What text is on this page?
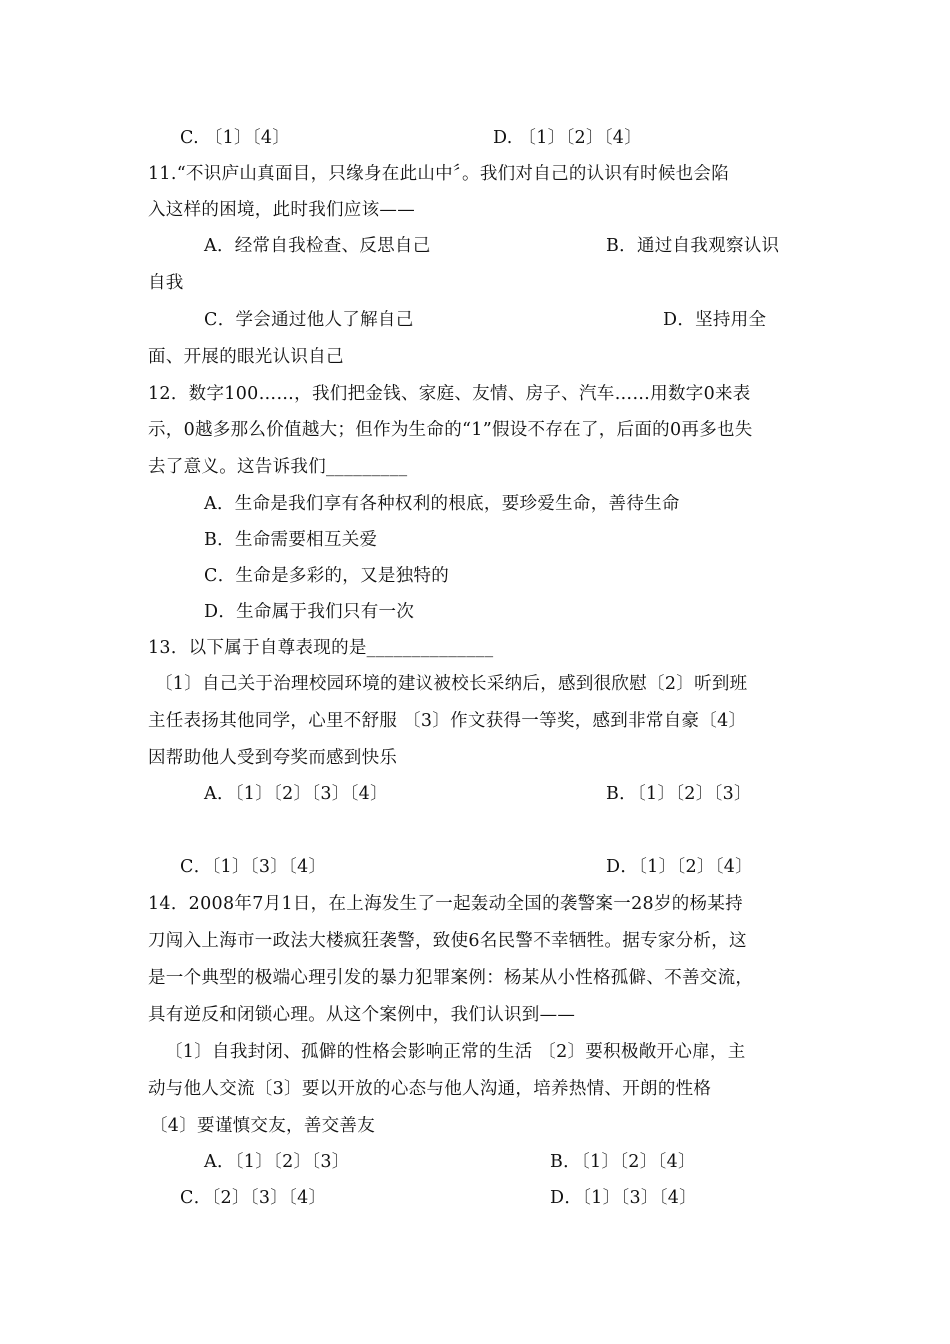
C. 〔1〕〔4〕	D. 〔1〕〔2〕〔4〕
11.“不识庐山真面目，只缘身在此山中〞。我们对自己的认识有时候也会陷
入这样的困境，此时我们应该——
A．经常自我检查、反思自己	B．通过自我观察认识
自我
C．学会通过他人了解自己	D．坚持用全
面、开展的眼光认识自己
12．数字100……，我们把金钱、家庭、友情、房子、汽车……用数字0来表
示，0越多那么价值越大；但作为生命的“1”假设不存在了，后面的0再多也失
去了意义。这告诉我们_________
A．生命是我们享有各种权利的根底，要珍爱生命，善待生命
B．生命需要相互关爱
C．生命是多彩的，又是独特的
D．生命属于我们只有一次
13．以下属于自尊表现的是______________
〔1〕自己关于治理校园环境的建议被校长采纳后，感到很欣慰〔2〕听到班
主任表扬其他同学，心里不舒服 〔3〕作文获得一等奖，感到非常自豪〔4〕
因帮助他人受到夸奖而感到快乐
A．〔1〕〔2〕〔3〕〔4〕	B．〔1〕〔2〕〔3〕
C．〔1〕〔3〕〔4〕	D．〔1〕〔2〕〔4〕
14．2008年7月1日，在上海发生了一起轰动全国的袭警案一28岁的杨某持
刀闯入上海市一政法大楼疯狂袭警，致使6名民警不幸牺牲。据专家分析，这
是一个典型的极端心理引发的暴力犯罪案例：杨某从小性格孤僻、不善交流，
具有逆反和闭锁心理。从这个案例中，我们认识到——
〔1〕自我封闭、孤僻的性格会影响正常的生活 〔2〕要积极敞开心扉，主
动与他人交流〔3〕要以开放的心态与他人沟通，培养热情、开朗的性格
〔4〕要谨慎交友，善交善友
A．〔1〕〔2〕〔3〕	B．〔1〕〔2〕〔4〕
C．〔2〕〔3〕〔4〕	D．〔1〕〔3〕〔4〕
